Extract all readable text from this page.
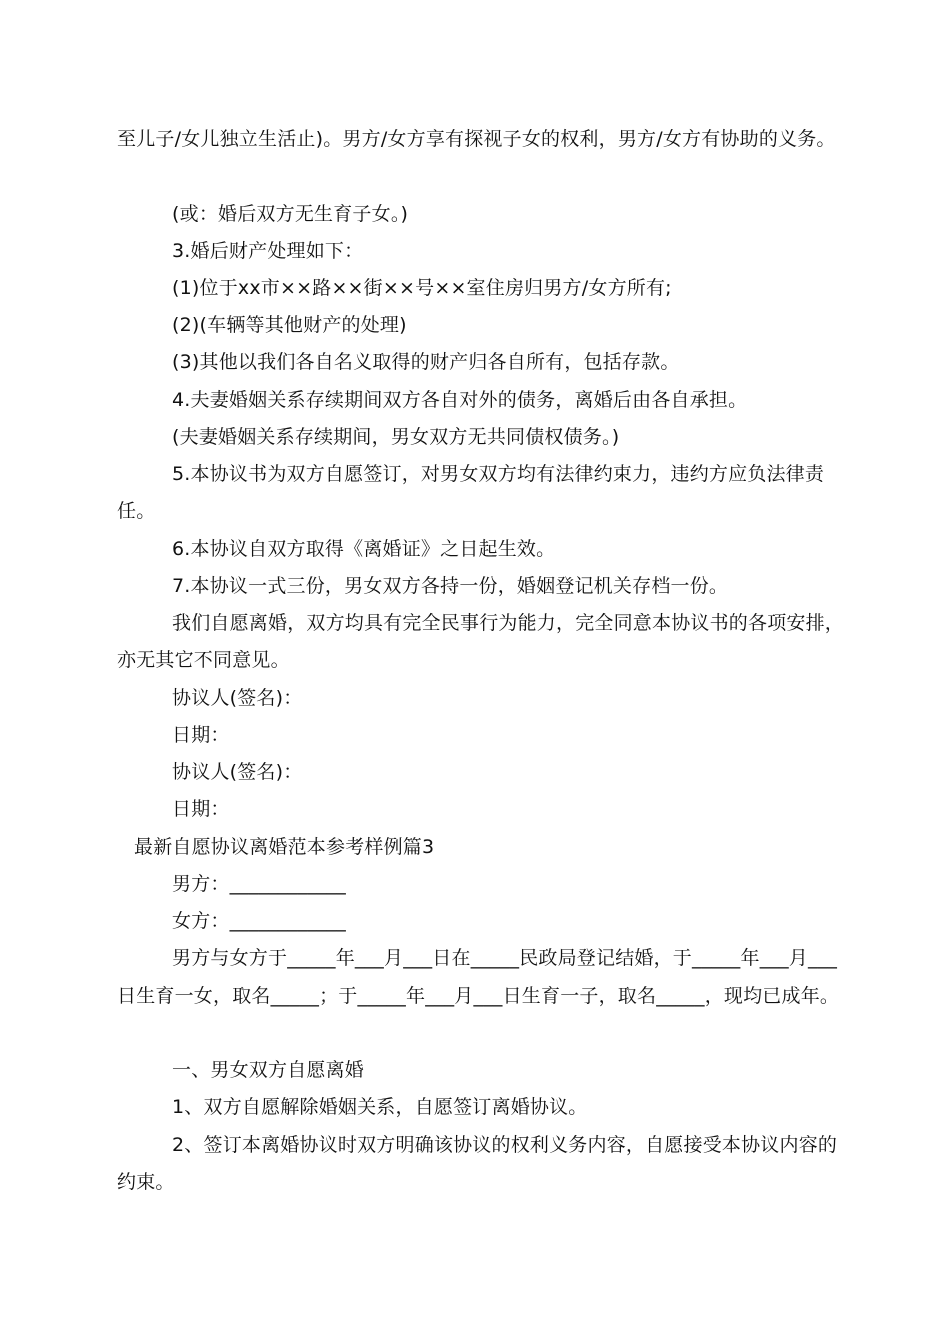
至儿子/女儿独立生活止)。男方/女方享有探视子女的权利，男方/女方有协助的义务。
(或：婚后双方无生育子女。)
3.婚后财产处理如下：
(1)位于xx市××路××街××号××室住房归男方/女方所有;
(2)(车辆等其他财产的处理)
(3)其他以我们各自名义取得的财产归各自所有，包括存款。
4.夫妻婚姻关系存续期间双方各自对外的债务，离婚后由各自承担。
(夫妻婚姻关系存续期间，男女双方无共同债权债务。)
5.本协议书为双方自愿签订，对男女双方均有法律约束力，违约方应负法律责
任。
6.本协议自双方取得《离婚证》之日起生效。
7.本协议一式三份，男女双方各持一份，婚姻登记机关存档一份。
我们自愿离婚，双方均具有完全民事行为能力，完全同意本协议书的各项安排，
亦无其它不同意见。
协议人(签名)：
日期：
协议人(签名)：
日期：
最新自愿协议离婚范本参考样例篇3
男方：____________
女方：____________
男方与女方于_____年___月___日在_____民政局登记结婚，于_____年___月___
日生育一女，取名_____；于_____年___月___日生育一子，取名_____，现均已成年。
一、男女双方自愿离婚
1、双方自愿解除婚姻关系，自愿签订离婚协议。
2、签订本离婚协议时双方明确该协议的权利义务内容，自愿接受本协议内容的
约束。
